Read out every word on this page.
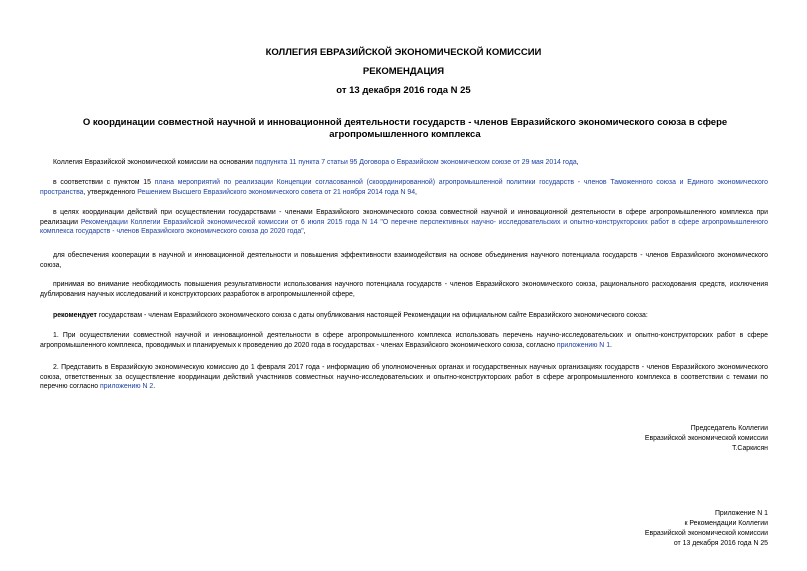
КОЛЛЕГИЯ ЕВРАЗИЙСКОЙ ЭКОНОМИЧЕСКОЙ КОМИССИИ
РЕКОМЕНДАЦИЯ
от 13 декабря 2016 года N 25
О координации совместной научной и инновационной деятельности государств - членов Евразийского экономического союза в сфере агропромышленного комплекса
Коллегия Евразийской экономической комиссии на основании подпункта 11 пункта 7 статьи 95 Договора о Евразийском экономическом союзе от 29 мая 2014 года,
в соответствии с пунктом 15 плана мероприятий по реализации Концепции согласованной (скоординированной) агропромышленной политики государств - членов Таможенного союза и Единого экономического пространства, утвержденного Решением Высшего Евразийского экономического совета от 21 ноября 2014 года N 94,
в целях координации действий при осуществлении государствами - членами Евразийского экономического союза совместной научной и инновационной деятельности в сфере агропромышленного комплекса при реализации Рекомендации Коллегии Евразийской экономической комиссии от 6 июля 2015 года N 14 "О перечне перспективных научно- исследовательских и опытно-конструкторских работ в сфере агропромышленного комплекса государств - членов Евразийского экономического союза до 2020 года",
для обеспечения кооперации в научной и инновационной деятельности и повышения эффективности взаимодействия на основе объединения научного потенциала государств - членов Евразийского экономического союза,
принимая во внимание необходимость повышения результативности использования научного потенциала государств - членов Евразийского экономического союза, рационального расходования средств, исключения дублирования научных исследований и конструкторских разработок в агропромышленной сфере,
рекомендует государствам - членам Евразийского экономического союза с даты опубликования настоящей Рекомендации на официальном сайте Евразийского экономического союза:
1. При осуществлении совместной научной и инновационной деятельности в сфере агропромышленного комплекса использовать перечень научно-исследовательских и опытно-конструкторских работ в сфере агропромышленного комплекса, проводимых и планируемых к проведению до 2020 года в государствах - членах Евразийского экономического союза, согласно приложению N 1.
2. Представить в Евразийскую экономическую комиссию до 1 февраля 2017 года - информацию об уполномоченных органах и государственных научных организациях государств - членов Евразийского экономического союза, ответственных за осуществление координации действий участников совместных научно-исследовательских и опытно-конструкторских работ в сфере агропромышленного комплекса в соответствии с темами по перечню согласно приложению N 2.
Председатель Коллегии
Евразийской экономической комиссии
Т.Саркисян
Приложение N 1
к Рекомендации Коллегии
Евразийской экономической комиссии
от 13 декабря 2016 года N 25
